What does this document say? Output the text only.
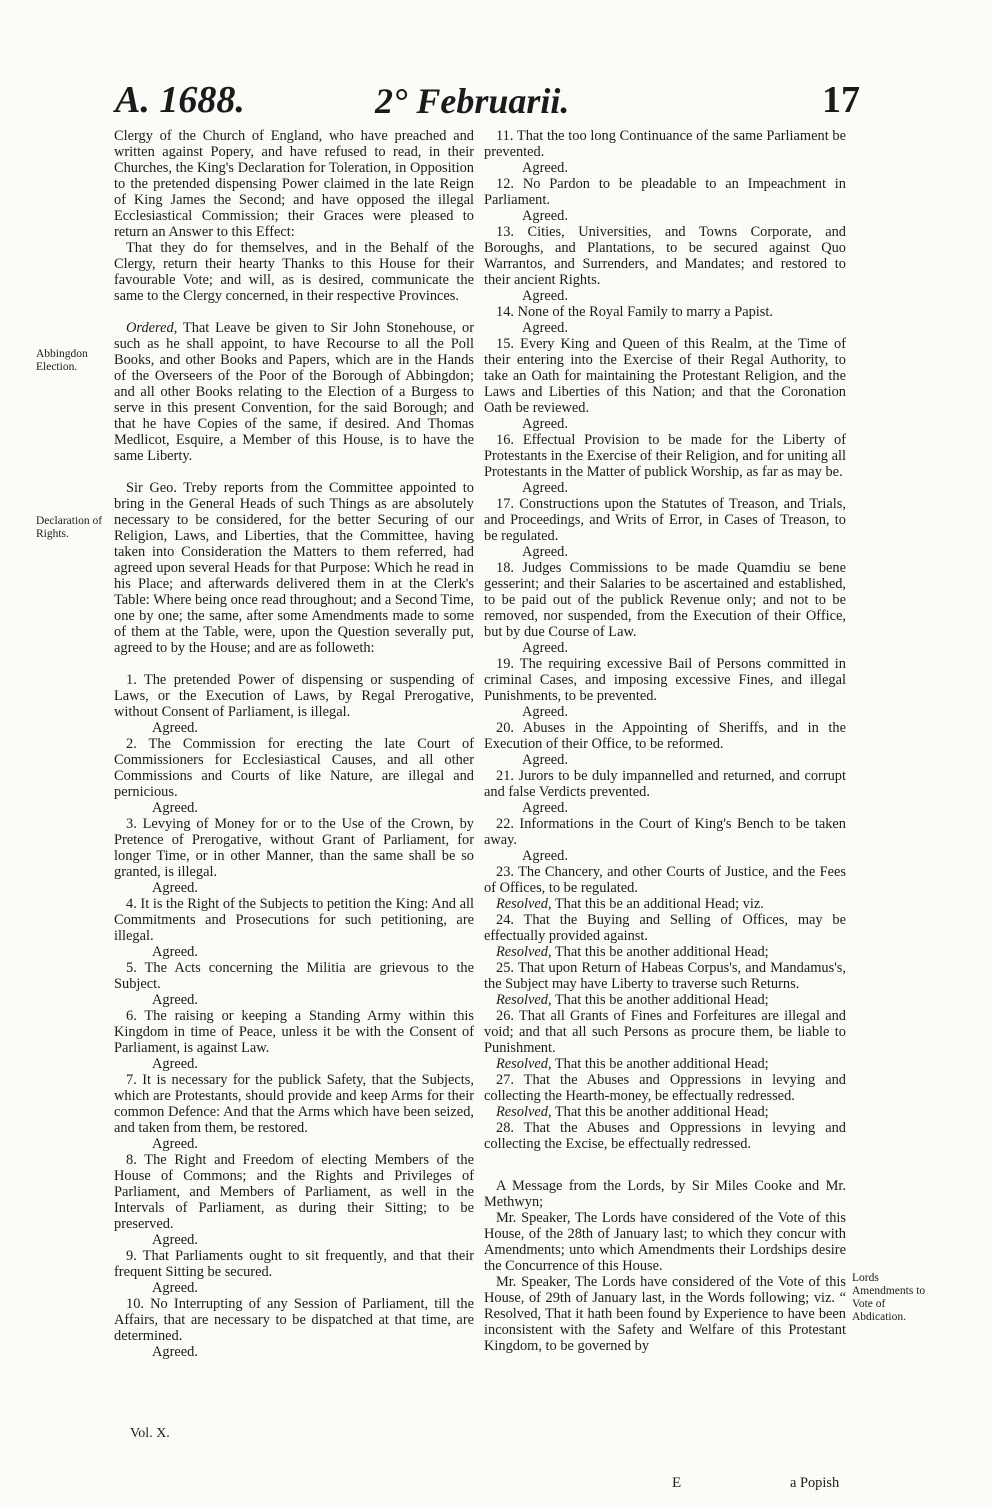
A. 1688.	2° Februarii.	17
Abbingdon Election.
Declaration of Rights.
Lords Amendments to Vote of Abdication.

Clergy of the Church of England, who have preached and written against Popery, and have refused to read, in their Churches, the King's Declaration for Toleration, in Opposition to the pretended dispensing Power claimed in the late Reign of King James the Second; and have opposed the illegal Ecclesiastical Commission; their Graces were pleased to return an Answer to this Effect:

That they do for themselves, and in the Behalf of the Clergy, return their hearty Thanks to this House for their favourable Vote; and will, as is desired, communicate the same to the Clergy concerned, in their respective Provinces.

Ordered, That Leave be given to Sir John Stonehouse, or such as he shall appoint, to have Recourse to all the Poll Books, and other Books and Papers, which are in the Hands of the Overseers of the Poor of the Borough of Abbingdon; and all other Books relating to the Election of a Burgess to serve in this present Convention, for the said Borough; and that he have Copies of the same, if desired. And Thomas Medlicot, Esquire, a Member of this House, is to have the same Liberty.

Sir Geo. Treby reports from the Committee appointed to bring in the General Heads of such Things as are absolutely necessary to be considered, for the better Securing of our Religion, Laws, and Liberties, that the Committee, having taken into Consideration the Matters to them referred, had agreed upon several Heads for that Purpose: Which he read in his Place; and afterwards delivered them in at the Clerk's Table: Where being once read throughout; and a Second Time, one by one; the same, after some Amendments made to some of them at the Table, were, upon the Question severally put, agreed to by the House; and are as followeth:

1. The pretended Power of dispensing or suspending of Laws, or the Execution of Laws, by Regal Prerogative, without Consent of Parliament, is illegal.

Agreed.

2. The Commission for erecting the late Court of Commissioners for Ecclesiastical Causes, and all other Commissions and Courts of like Nature, are illegal and pernicious.

Agreed.

3. Levying of Money for or to the Use of the Crown, by Pretence of Prerogative, without Grant of Parliament, for longer Time, or in other Manner, than the same shall be so granted, is illegal.

Agreed.

4. It is the Right of the Subjects to petition the King: And all Commitments and Prosecutions for such petitioning, are illegal.

Agreed.

5. The Acts concerning the Militia are grievous to the Subject.

Agreed.

6. The raising or keeping a Standing Army within this Kingdom in time of Peace, unless it be with the Consent of Parliament, is against Law.

Agreed.

7. It is necessary for the publick Safety, that the Subjects, which are Protestants, should provide and keep Arms for their common Defence: And that the Arms which have been seized, and taken from them, be restored.

Agreed.

8. The Right and Freedom of electing Members of the House of Commons; and the Rights and Privileges of Parliament, and Members of Parliament, as well in the Intervals of Parliament, as during their Sitting; to be preserved.

Agreed.

9. That Parliaments ought to sit frequently, and that their frequent Sitting be secured.

Agreed.

10. No Interrupting of any Session of Parliament, till the Affairs, that are necessary to be dispatched at that time, are determined.

Agreed.

11. That the too long Continuance of the same Parliament be prevented.

Agreed.

12. No Pardon to be pleadable to an Impeachment in Parliament.

Agreed.

13. Cities, Universities, and Towns Corporate, and Boroughs, and Plantations, to be secured against Quo Warrantos, and Surrenders, and Mandates; and restored to their ancient Rights.

Agreed.

14. None of the Royal Family to marry a Papist.

Agreed.

15. Every King and Queen of this Realm, at the Time of their entering into the Exercise of their Regal Authority, to take an Oath for maintaining the Protestant Religion, and the Laws and Liberties of this Nation; and that the Coronation Oath be reviewed.

Agreed.

16. Effectual Provision to be made for the Liberty of Protestants in the Exercise of their Religion, and for uniting all Protestants in the Matter of publick Worship, as far as may be.

Agreed.

17. Constructions upon the Statutes of Treason, and Trials, and Proceedings, and Writs of Error, in Cases of Treason, to be regulated.

Agreed.

18. Judges Commissions to be made Quamdiu se bene gesserint; and their Salaries to be ascertained and established, to be paid out of the publick Revenue only; and not to be removed, nor suspended, from the Execution of their Office, but by due Course of Law.

Agreed.

19. The requiring excessive Bail of Persons committed in criminal Cases, and imposing excessive Fines, and illegal Punishments, to be prevented.

Agreed.

20. Abuses in the Appointing of Sheriffs, and in the Execution of their Office, to be reformed.

Agreed.

21. Jurors to be duly impannelled and returned, and corrupt and false Verdicts prevented.

Agreed.

22. Informations in the Court of King's Bench to be taken away.

Agreed.

23. The Chancery, and other Courts of Justice, and the Fees of Offices, to be regulated.

Resolved, That this be an additional Head; viz.

24. That the Buying and Selling of Offices, may be effectually provided against.

Resolved, That this be another additional Head;

25. That upon Return of Habeas Corpus's, and Mandamus's, the Subject may have Liberty to traverse such Returns.

Resolved, That this be another additional Head;

26. That all Grants of Fines and Forfeitures are illegal and void; and that all such Persons as procure them, be liable to Punishment.

Resolved, That this be another additional Head;

27. That the Abuses and Oppressions in levying and collecting the Hearth-money, be effectually redressed.

Resolved, That this be another additional Head;

28. That the Abuses and Oppressions in levying and collecting the Excise, be effectually redressed.

A Message from the Lords, by Sir Miles Cooke and Mr. Methwyn;

Mr. Speaker, The Lords have considered of the Vote of this House, of the 28th of January last; to which they concur with Amendments; unto which Amendments their Lordships desire the Concurrence of this House.

Mr. Speaker, The Lords have considered of the Vote of this House, of 29th of January last, in the Words following; viz. “ Resolved, That it hath been found by Experience to have been inconsistent with the Safety and Welfare of this Protestant Kingdom, to be governed by

Vol. X.
E	a Popish
